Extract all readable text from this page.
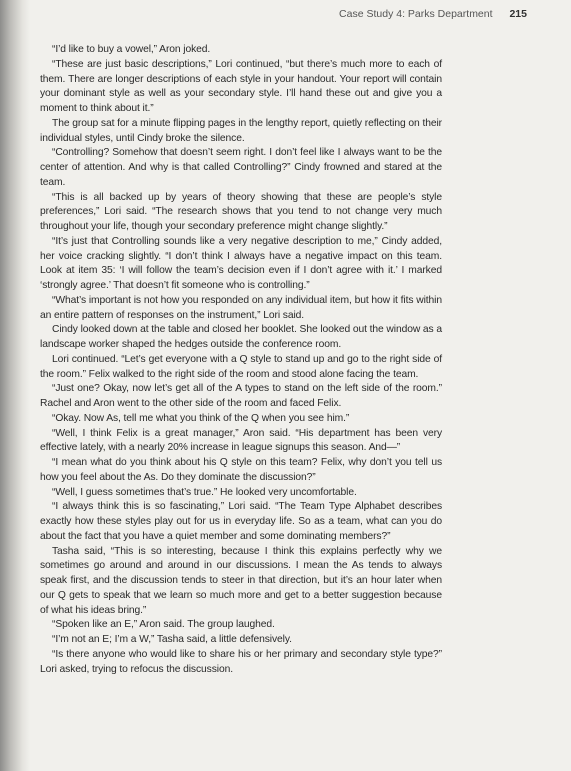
Case Study 4: Parks Department 215

“I’d like to buy a vowel,” Aron joked.

“These are just basic descriptions,” Lori continued, “but there’s much more to each of them. There are longer descriptions of each style in your handout. Your report will contain your dominant style as well as your secondary style. I’ll hand these out and give you a moment to think about it.”

The group sat for a minute flipping pages in the lengthy report, quietly reflecting on their individual styles, until Cindy broke the silence.

“Controlling? Somehow that doesn’t seem right. I don’t feel like I always want to be the center of attention. And why is that called Controlling?” Cindy frowned and stared at the team.

“This is all backed up by years of theory showing that these are people’s style preferences,” Lori said. “The research shows that you tend to not change very much throughout your life, though your secondary preference might change slightly.”

“It’s just that Controlling sounds like a very negative description to me,” Cindy added, her voice cracking slightly. “I don’t think I always have a negative impact on this team. Look at item 35: ‘I will follow the team’s decision even if I don’t agree with it.’ I marked ‘strongly agree.’ That doesn’t fit someone who is controlling.”

“What’s important is not how you responded on any individual item, but how it fits within an entire pattern of responses on the instrument,” Lori said.

Cindy looked down at the table and closed her booklet. She looked out the window as a landscape worker shaped the hedges outside the conference room.

Lori continued. “Let’s get everyone with a Q style to stand up and go to the right side of the room.” Felix walked to the right side of the room and stood alone facing the team.

“Just one? Okay, now let’s get all of the A types to stand on the left side of the room.” Rachel and Aron went to the other side of the room and faced Felix.

“Okay. Now As, tell me what you think of the Q when you see him.”

“Well, I think Felix is a great manager,” Aron said. “His department has been very effective lately, with a nearly 20% increase in league signups this season. And—”

“I mean what do you think about his Q style on this team? Felix, why don’t you tell us how you feel about the As. Do they dominate the discussion?”

“Well, I guess sometimes that’s true.” He looked very uncomfortable.

“I always think this is so fascinating,” Lori said. “The Team Type Alphabet describes exactly how these styles play out for us in everyday life. So as a team, what can you do about the fact that you have a quiet member and some dominating members?”

Tasha said, “This is so interesting, because I think this explains perfectly why we sometimes go around and around in our discussions. I mean the As tends to always speak first, and the discussion tends to steer in that direction, but it’s an hour later when our Q gets to speak that we learn so much more and get to a better suggestion because of what his ideas bring.”

“Spoken like an E,” Aron said. The group laughed.

“I’m not an E; I’m a W,” Tasha said, a little defensively.

“Is there anyone who would like to share his or her primary and secondary style type?” Lori asked, trying to refocus the discussion.
